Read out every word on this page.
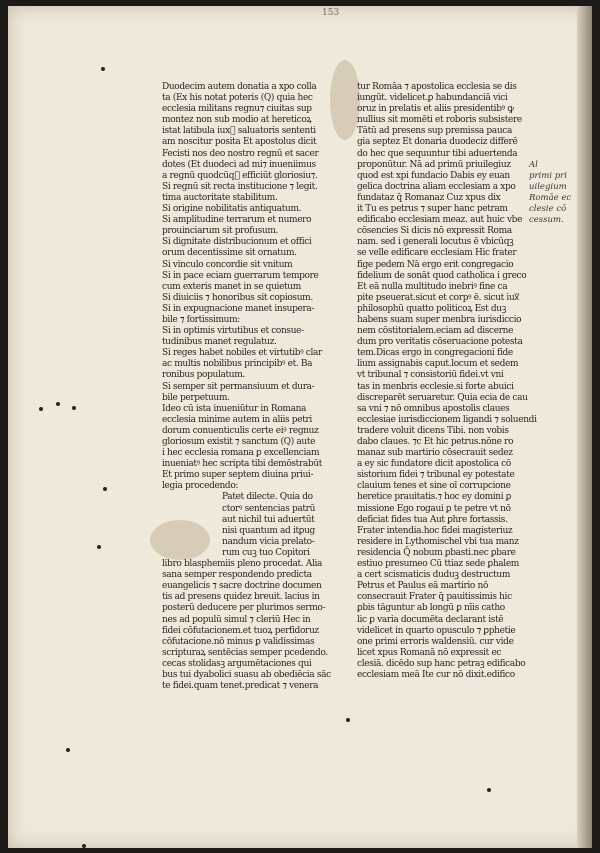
153
Duodecim autem donatia a xpo colla
ta (Ex his notat poteris (Q) quia hec
ecclesia militans regnu⁊ ciuitas sup
montez non sub modio at hereticoꝝ
istat latibula iuxᷓ saluatoris sententi
am noscitur posita Et apostolus dicit
Fecisti nos deo nostro regnū et sacer
dotes (Et duodeci ad mi⁊ inueniimus
a regnū quodcūqᷓ efficiūt gloriosiu⁊.
Si regnū sit recta institucione ⁊ legit.
tima auctoritate stabilitum.
Si origine nobilitatis antiquatum.
Si amplitudine terrarum et numero
prouinciarum sit profusum.
Si dignitate distribucionum et offici
orum decentissime sit ornatum.
Si vinculo concordie sit vnitum
Si in pace eciam guerrarum tempore
cum exteris manet in se quietum
Si diuiciis ⁊ honoribus sit copiosum.
Si in expugnacione manet insupera-
bile ⁊ fortissimum:
Si in optimis virtutibus et consue-
tudinibus manet regulatuz.
Si reges habet nobiles et virtutibꝰ clar
ac multis nobilibus principibꝰ et. Ba
ronibus populatum.
Si semper sit permansiuum et dura-
bile perpetuum.
Ideo cū ista inueniūtur in Romana
ecclesia minime autem in aliis petri
dorum conuenticulis certe eiꝰ regnuz
gloriosum existit ⁊ sanctum (Q) aute
i hec ecclesia romana ꝑ excellenciam
inueniatꝰ hec scripta tibi demōstrabūt
Et primo super septem diuina priui-
legia procedendo:
Patet dilecte. Quia do
ctorꝰ sentencias patrū
aut nichil tui aduertūt
nisi quantum ad itꝑug
nandum vicia prelato-
rum cuꝫ tuo Copitori
libro blasphemiis pleno procedat. Alia
sana semper respondendo predicta
euangelicis ⁊ sacre doctrine documen
tis ad presens quidez breuit. lacius in
posterū deducere per plurimos sermo-
nes ad populū simul ⁊ cleriū Hec in
fidei cōfutacionem.et tuoꝝ perfidoruz
cōfutacione.nō minus ꝑ validissimas
scripturaꝝ sentēcias semper pcedendo.
cecas stolidasꝫ argumētaciones qui
bus tui dyabolici suasu ab obediēcia sāc
te fidei.quam tenet.predicat ⁊ venera
tur Romāa ⁊ apostolica ecclesia se dis
iungūt. videlicet.ꝑ habundanciā vici
oruz in prelatis et aliis presidentibꝰ ꝙ
nullius sit momēti et roboris subsistere
Tātū ad presens sup premissa pauca
gia septez Et donaria duodeciz differē
do hec que sequuntur tibi aduertenda
proponūtur. Nā ad primū priuilegiuz
quod est xpi fundacio Dabis ey euan
gelica doctrina aliam ecclesiam a xpo
fundataz q̄ Romanaz Cuz xpus dix
it Tu es petrus ⁊ super hanc petram
edificabo ecclesiam meaz. aut huic vbe
cōsencies Si dicis nō expressit Roma
nam. sed i generali locutus ē vbicūqꝫ
se velle edificare ecclesiam Hic frater
fige pedem Nā ergo erit congregacio
fidelium de sonāt quod catholica i greco
Et eā nulla multitudo inebriꝰ fine ca
pite pseuerat.sicut et corpꝰ ē. sicut iuxᷓ
philosophū quatto politicoꝝ Est duꝫ
habens suam super menbra iurisdiccio
nem cōstitorialem.eciam ad discerne
dum pro veritatis cōseruacione potesta
tem.Dicas ergo in congregacioni fide
lium assignabis caput.locum et sedem
vt tribunal ⁊ consistoriū fidei.vt vni
tas in menbris ecclesie.si forte abuici
discreparēt seruaretur. Quia ecia de cau
sa vni ⁊ nō omnibus apostolis claues
ecclesiae iurisdiccionem ligandi ⁊ soluendi
tradere voluit dicens Tibi. non vobis
dabo claues. ⁊c Et hic petrus.nōne ro
manaz sub martirio cōsecrauit sedez
a ey sic fundatore dicit apostolica cō
sistorium fidei ⁊ tribunal ey potestate
clauium tenes et sine oī corrupcione
heretice prauitatis.⁊ hoc ey domini ꝑ
missione Ego rogaui ꝑ te petre vt nō
deficiat fides tua Aut ꝑhre fortassis.
Frater intendia.hoc fidei magisteriuz
residere in Lythomischel vbi tua manz
residencia Q̄ nobum ꝑbasti.nec ꝑbare
estiuo presumeo Cū ttiaz sede ꝑhalem
a cert scismaticis duduꝫ destructum
Petrus et Paulus eā martirio nō
consecrauit Frater q̄ pauitissimis hic
ꝑbis tāguntur ab longū ꝑ nīis catho
lic ꝑ varia documēta declarant istē
videlicet in quarto opusculo ⁊ ꝑphetie
one primi erroris waldensiū. cur vide
licet xpus Romanā nō expressit ec
clesiā. dicēdo sup hanc petraꝫ edificabo
ecclesiam meā Ite cur nō dixit.edifico
Al
primi pri
uilegium
Romāe ec
clesie cō
cessum.
